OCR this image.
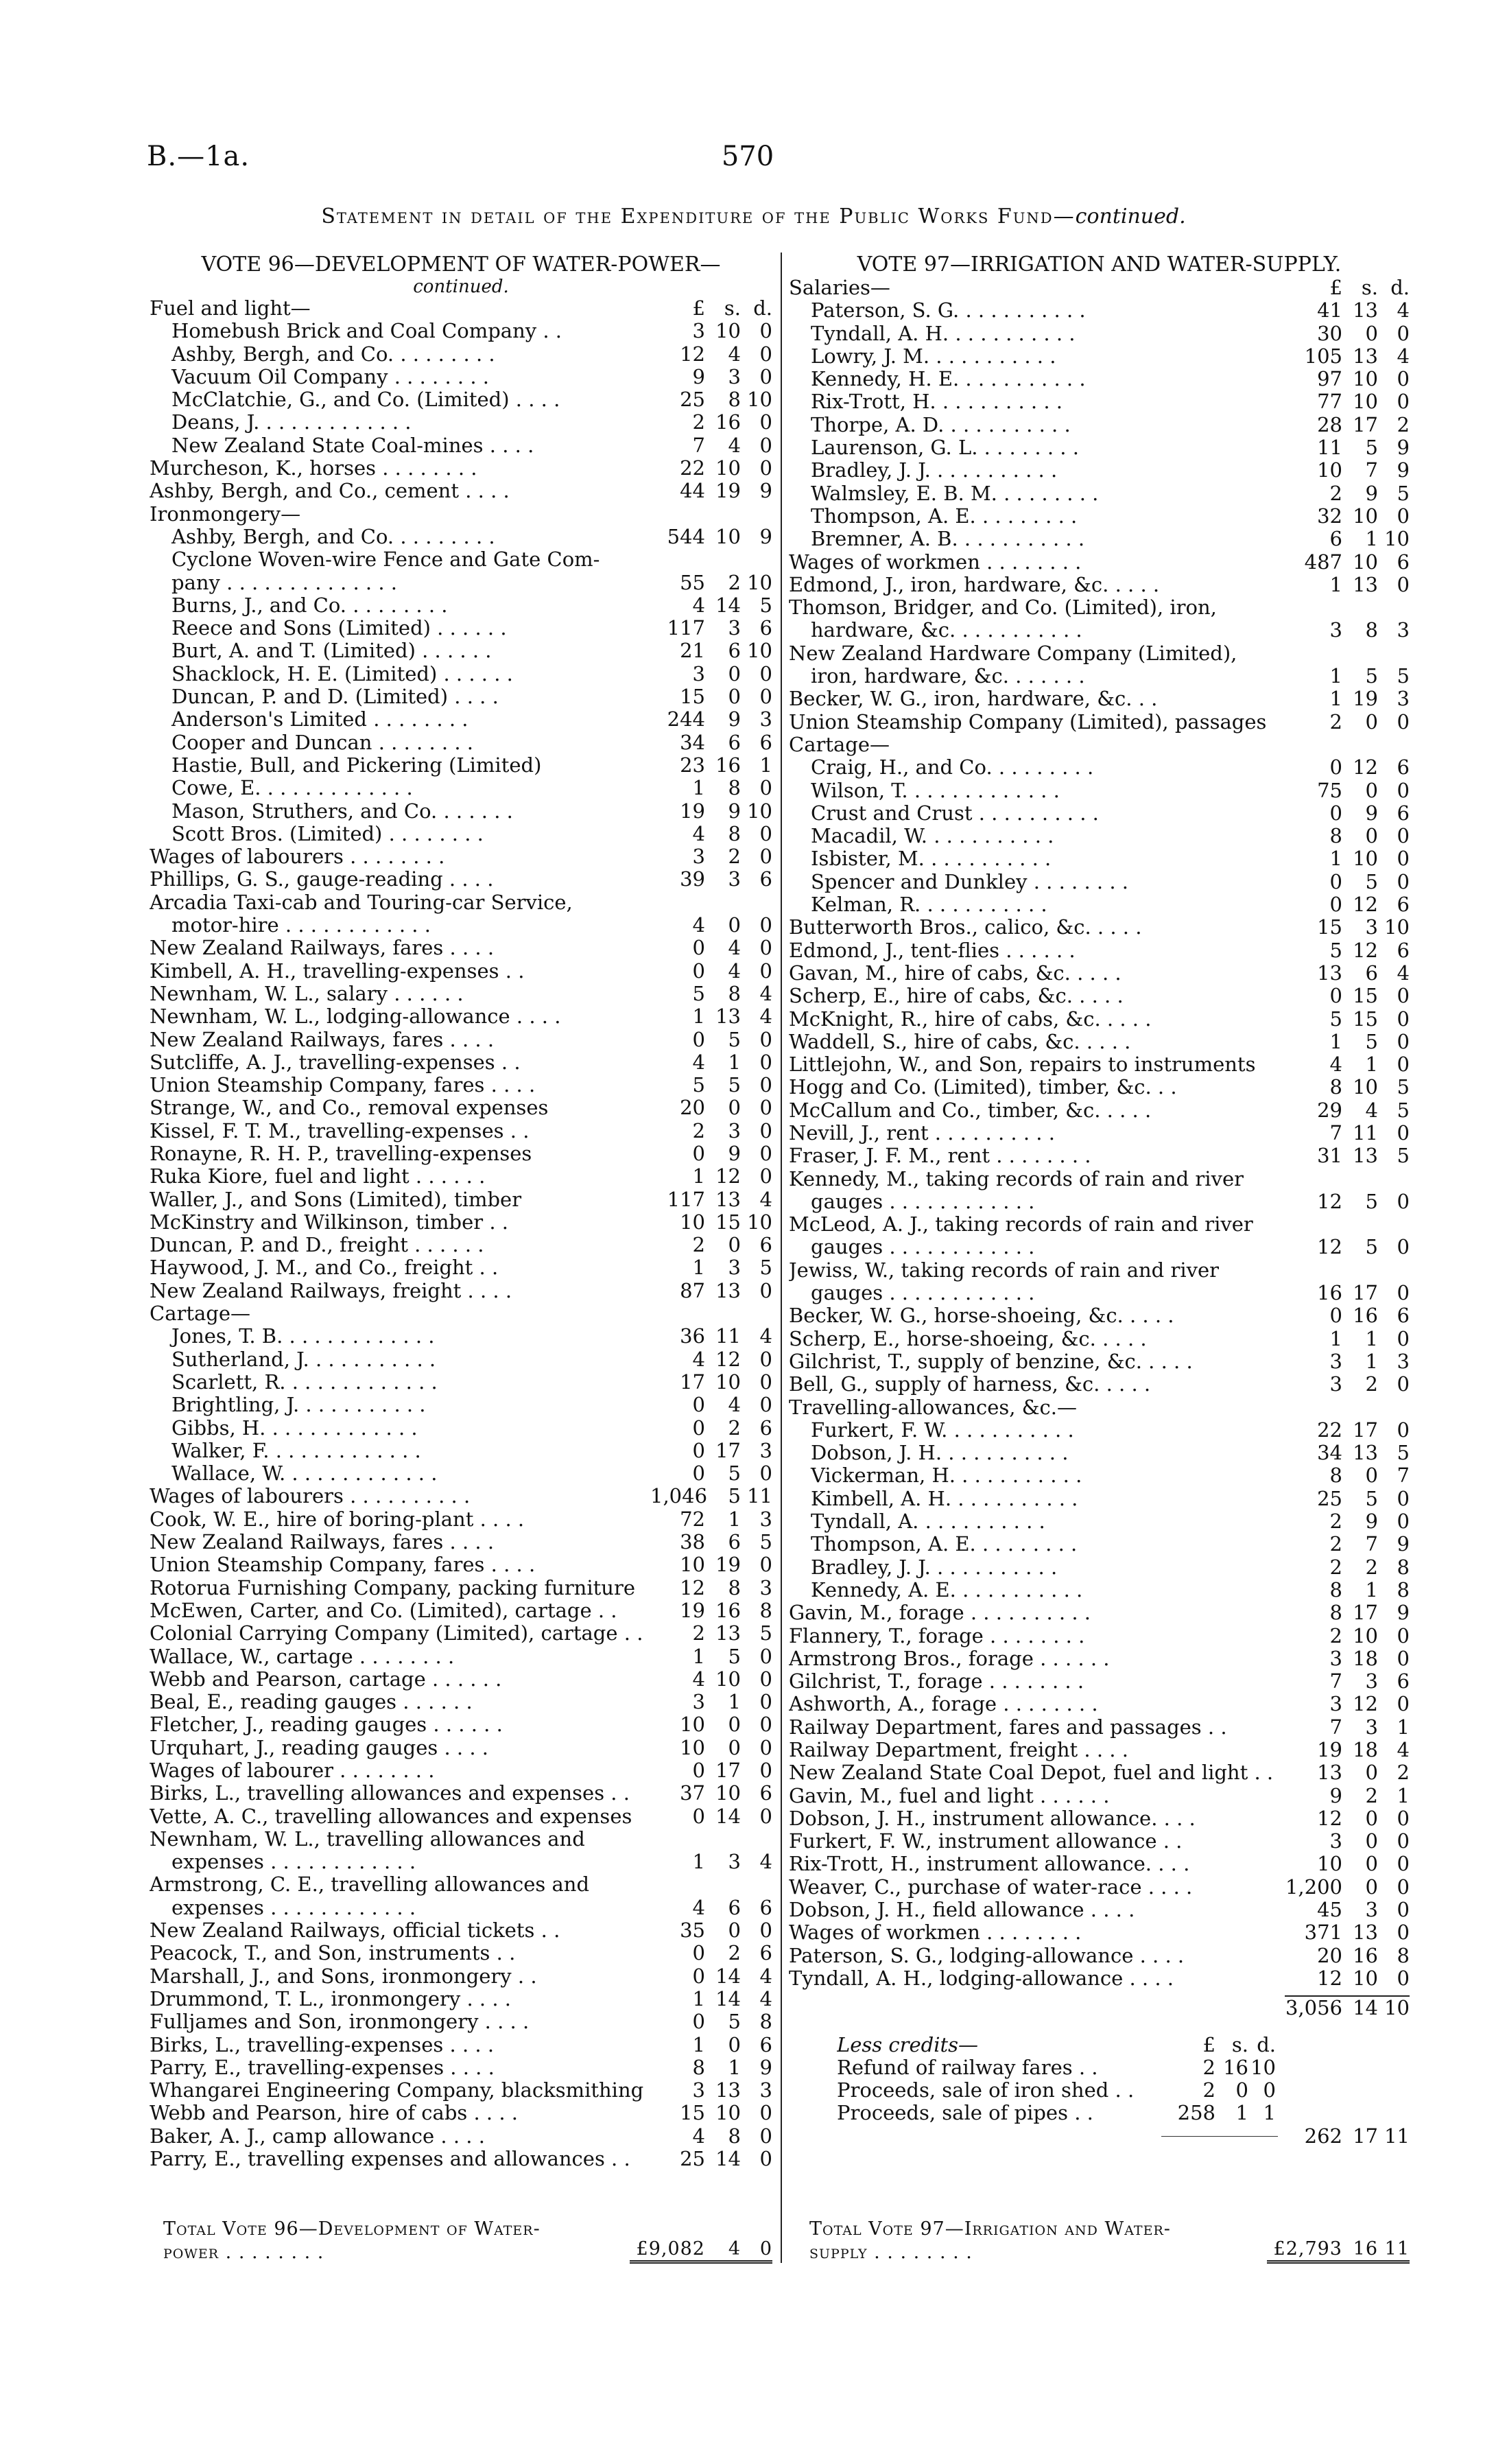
B.—1a.	570
Statement in detail of the Expenditure of the Public Works Fund—continued.
VOTE 96—DEVELOPMENT OF WATER-POWER—
continued.
Fuel and light—	£ s. d.
Homebush Brick and Coal Company . .	3 10 0
Ashby, Bergh, and Co. . . . . . . . .	12	4 0
Vacuum Oil Company . . . . . . . .	9	3 0
McClatchie, G., and Co. (Limited) . . . .	25	8 10
Deans, J. . . . . . . . . . . . .	2 16 0
New Zealand State Coal-mines . . . .	7	4 0
Murcheson, K., horses . . . . . . . .	22 10 0
Ashby, Bergh, and Co., cement . . . .	44 19 9
Ironmongery—
Ashby, Bergh, and Co. . . . . . . . .	544 10 9
Cyclone Woven-wire Fence and Gate Com-
pany . . . . . . . . . . . . . .	55	2 10
Burns, J., and Co. . . . . . . . .	4 14 5
Reece and Sons (Limited) . . . . . .	117	3 6
Burt, A. and T. (Limited) . . . . . .	21	6 10
Shacklock, H. E. (Limited) . . . . . .	3	0 0
Duncan, P. and D. (Limited) . . . .	15	0 0
Anderson's Limited . . . . . . . .	244	9 3
Cooper and Duncan . . . . . . . .	34	6 6
Hastie, Bull, and Pickering (Limited)	23 16 1
Cowe, E. . . . . . . . . . . . .	1	8 0
Mason, Struthers, and Co. . . . . . .	19	9 10
Scott Bros. (Limited) . . . . . . . .	4	8 0
Wages of labourers . . . . . . . .	3	2 0
Phillips, G. S., gauge-reading . . . .	39	3 6
Arcadia Taxi-cab and Touring-car Service,
motor-hire . . . . . . . . . . . .	4	0 0
New Zealand Railways, fares . . . .	0	4 0
Kimbell, A. H., travelling-expenses . .	0	4 0
Newnham, W. L., salary . . . . . .	5	8 4
Newnham, W. L., lodging-allowance . . . .	1 13 4
New Zealand Railways, fares . . . .	0	5 0
Sutcliffe, A. J., travelling-expenses . .	4	1 0
Union Steamship Company, fares . . . .	5	5 0
Strange, W., and Co., removal expenses	20	0 0
Kissel, F. T. M., travelling-expenses . .	2	3 0
Ronayne, R. H. P., travelling-expenses	0	9 0
Ruka Kiore, fuel and light . . . . . .	1 12 0
Waller, J., and Sons (Limited), timber	117 13 4
McKinstry and Wilkinson, timber . .	10 15 10
Duncan, P. and D., freight . . . . . .	2	0 6
Haywood, J. M., and Co., freight . .	1	3 5
New Zealand Railways, freight . . . .	87 13 0
Cartage—
Jones, T. B. . . . . . . . . . . . .	36 11 4
Sutherland, J. . . . . . . . . . .	4 12 0
Scarlett, R. . . . . . . . . . . . .	17 10 0
Brightling, J. . . . . . . . . . .	0	4 0
Gibbs, H. . . . . . . . . . . . .	0	2 6
Walker, F. . . . . . . . . . . . .	0 17 3
Wallace, W. . . . . . . . . . . . .	0	5 0
Wages of labourers . . . . . . . . . .	1,046	5 11
Cook, W. E., hire of boring-plant . . . .	72	1 3
New Zealand Railways, fares . . . .	38	6 5
Union Steamship Company, fares . . . .	10 19 0
Rotorua Furnishing Company, packing furniture	12	8 3
McEwen, Carter, and Co. (Limited), cartage . .	19 16 8
Colonial Carrying Company (Limited), cartage . .	2 13 5
Wallace, W., cartage . . . . . . . .	1	5 0
Webb and Pearson, cartage . . . . . .	4 10 0
Beal, E., reading gauges . . . . . .	3	1 0
Fletcher, J., reading gauges . . . . . .	10	0 0
Urquhart, J., reading gauges . . . .	10	0 0
Wages of labourer . . . . . . . .	0 17 0
Birks, L., travelling allowances and expenses . .	37 10 6
Vette, A. C., travelling allowances and expenses	0 14 0
Newnham, W. L., travelling allowances and
expenses . . . . . . . . . . . .	1	3 4
Armstrong, C. E., travelling allowances and
expenses . . . . . . . . . . . .	4	6 6
New Zealand Railways, official tickets . .	35	0 0
Peacock, T., and Son, instruments . .	0	2 6
Marshall, J., and Sons, ironmongery . .	0 14 4
Drummond, T. L., ironmongery . . . .	1 14 4
Fulljames and Son, ironmongery . . . .	0	5 8
Birks, L., travelling-expenses . . . .	1	0 6
Parry, E., travelling-expenses . . . .	8	1 9
Whangarei Engineering Company, blacksmithing	3 13 3
Webb and Pearson, hire of cabs . . . .	15 10 0
Baker, A. J., camp allowance . . . .	4	8 0
Parry, E., travelling expenses and allowances . .	25 14 0
VOTE 97—IRRIGATION AND WATER-SUPPLY.
Salaries—	£ s. d.
Paterson, S. G. . . . . . . . . . .	41 13 4
Tyndall, A. H. . . . . . . . . . .	30	0 0
Lowry, J. M. . . . . . . . . . .	105 13 4
Kennedy, H. E. . . . . . . . . . .	97 10 0
Rix-Trott, H. . . . . . . . . . .	77 10 0
Thorpe, A. D. . . . . . . . . . .	28 17 2
Laurenson, G. L. . . . . . . . .	11	5 9
Bradley, J. J. . . . . . . . . . .	10	7 9
Walmsley, E. B. M. . . . . . . . .	2	9 5
Thompson, A. E. . . . . . . . .	32 10 0
Bremner, A. B. . . . . . . . . . .	6	1 10
Wages of workmen . . . . . . . .	487 10 6
Edmond, J., iron, hardware, &c. . . . .	1 13 0
Thomson, Bridger, and Co. (Limited), iron,
hardware, &c. . . . . . . . . . .	3	8 3
New Zealand Hardware Company (Limited),
iron, hardware, &c. . . . . . .	1	5 5
Becker, W. G., iron, hardware, &c. . .	1 19 3
Union Steamship Company (Limited), passages	2	0 0
Cartage—
Craig, H., and Co. . . . . . . . .	0 12 6
Wilson, T. . . . . . . . . . . . .	75	0 0
Crust and Crust . . . . . . . . . .	0	9 6
Macadil, W. . . . . . . . . . .	8	0 0
Isbister, M. . . . . . . . . . .	1 10 0
Spencer and Dunkley . . . . . . . .	0	5 0
Kelman, R. . . . . . . . . . .	0 12 6
Butterworth Bros., calico, &c. . . . .	15	3 10
Edmond, J., tent-flies . . . . . .	5 12 6
Gavan, M., hire of cabs, &c. . . . .	13	6 4
Scherp, E., hire of cabs, &c. . . . .	0 15 0
McKnight, R., hire of cabs, &c. . . . .	5 15 0
Waddell, S., hire of cabs, &c. . . . .	1	5 0
Littlejohn, W., and Son, repairs to instruments	4	1 0
Hogg and Co. (Limited), timber, &c. . .	8 10 5
McCallum and Co., timber, &c. . . . .	29	4 5
Nevill, J., rent . . . . . . . . . .	7 11 0
Fraser, J. F. M., rent . . . . . . . .	31 13 5
Kennedy, M., taking records of rain and river
gauges . . . . . . . . . . . .	12	5 0
McLeod, A. J., taking records of rain and river
gauges . . . . . . . . . . . .	12	5 0
Jewiss, W., taking records of rain and river
gauges . . . . . . . . . . . .	16 17 0
Becker, W. G., horse-shoeing, &c. . . . .	0 16 6
Scherp, E., horse-shoeing, &c. . . . .	1	1 0
Gilchrist, T., supply of benzine, &c. . . . .	3	1 3
Bell, G., supply of harness, &c. . . . .	3	2 0
Travelling-allowances, &c.—
Furkert, F. W. . . . . . . . . . .	22 17 0
Dobson, J. H. . . . . . . . . . .	34 13 5
Vickerman, H. . . . . . . . . . .	8	0 7
Kimbell, A. H. . . . . . . . . . .	25	5 0
Tyndall, A. . . . . . . . . . .	2	9 0
Thompson, A. E. . . . . . . . .	2	7 9
Bradley, J. J. . . . . . . . . . .	2	2 8
Kennedy, A. E. . . . . . . . . . .	8	1 8
Gavin, M., forage . . . . . . . . . .	8 17 9
Flannery, T., forage . . . . . . . .	2 10 0
Armstrong Bros., forage . . . . . .	3 18 0
Gilchrist, T., forage . . . . . . . .	7	3 6
Ashworth, A., forage . . . . . . . .	3 12 0
Railway Department, fares and passages . .	7	3 1
Railway Department, freight . . . .	19 18 4
New Zealand State Coal Depot, fuel and light . .	13	0 2
Gavin, M., fuel and light . . . . . .	9	2 1
Dobson, J. H., instrument allowance. . . .	12	0 0
Furkert, F. W., instrument allowance . .	3	0 0
Rix-Trott, H., instrument allowance. . . .	10	0 0
Weaver, C., purchase of water-race . . . .	1,200	0 0
Dobson, J. H., field allowance . . . .	45	3 0
Wages of workmen . . . . . . . .	371 13 0
Paterson, S. G., lodging-allowance . . . .	20 16 8
Tyndall, A. H., lodging-allowance . . . .	12 10 0
3,056 14 10
Less credits—	£ s. d.
Refund of railway fares . .	2 16 10
Proceeds, sale of iron shed . .	2	0 0
Proceeds, sale of pipes . .	258	1 1
262 17 11
Total Vote 96—Development of Water-
power . . . . . . . .	£9,082	4	0
Total Vote 97—Irrigation and Water-
supply . . . . . . . .	£2,793 16 11
